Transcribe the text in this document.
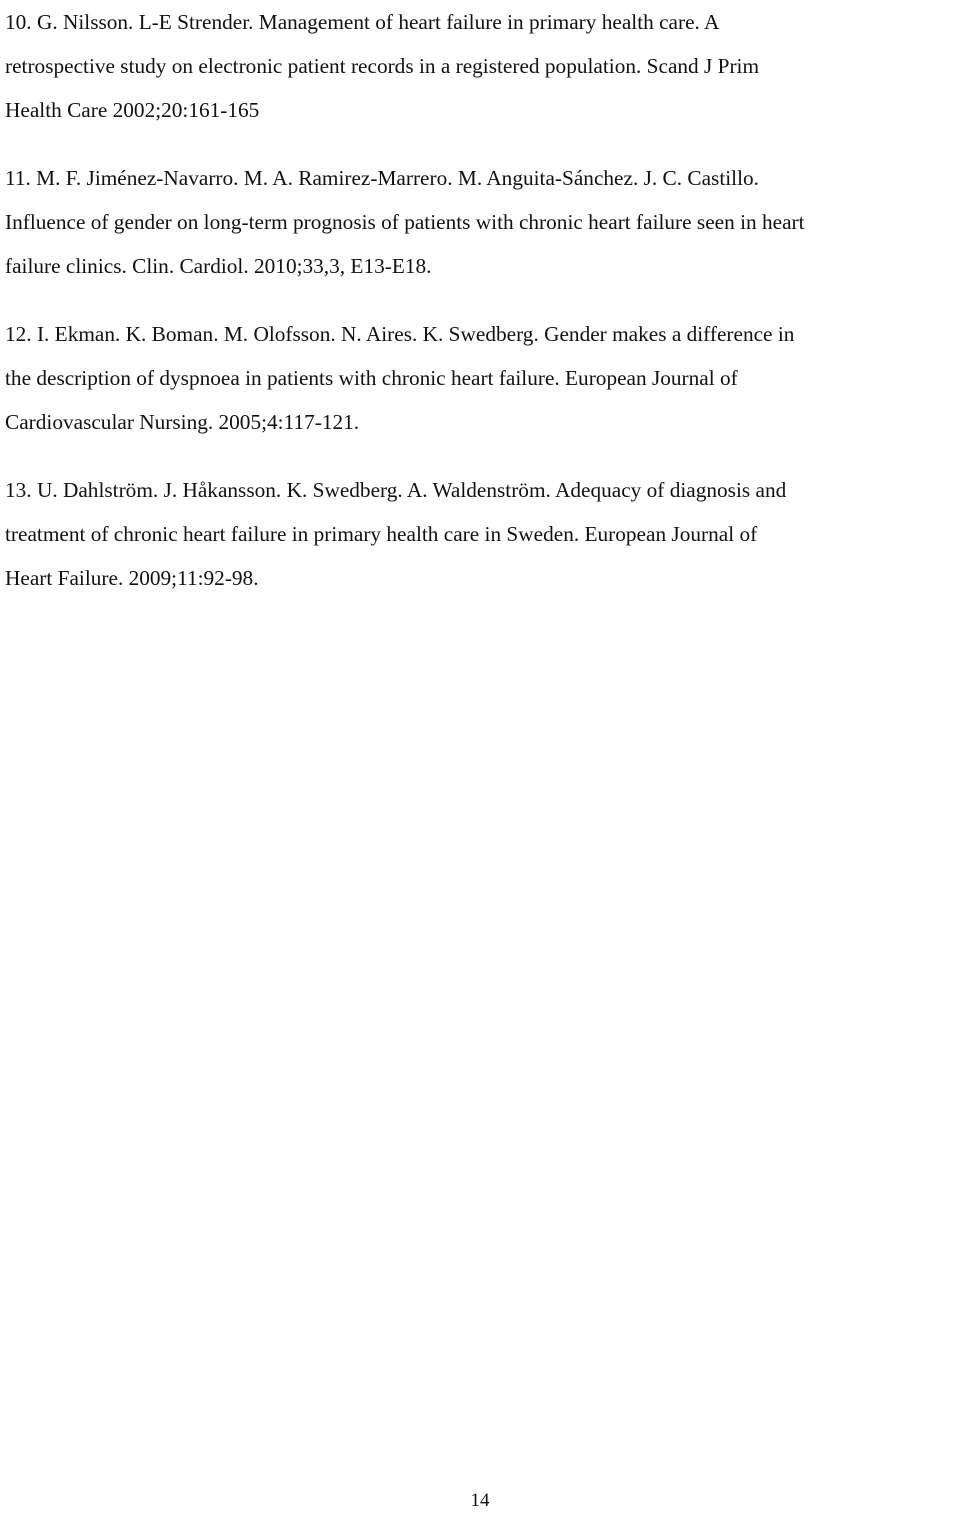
10. G. Nilsson. L-E Strender. Management of heart failure in primary health care. A
retrospective study on electronic patient records in a registered population. Scand J Prim
Health Care 2002;20:161-165

11. M. F. Jiménez-Navarro. M. A. Ramirez-Marrero. M. Anguita-Sánchez. J. C. Castillo.
Influence of gender on long-term prognosis of patients with chronic heart failure seen in heart
failure clinics. Clin. Cardiol. 2010;33,3, E13-E18.

12. I. Ekman. K. Boman. M. Olofsson. N. Aires. K. Swedberg. Gender makes a difference in
the description of dyspnoea in patients with chronic heart failure. European Journal of
Cardiovascular Nursing. 2005;4:117-121.

13. U. Dahlström. J. Håkansson. K. Swedberg. A. Waldenström. Adequacy of diagnosis and
treatment of chronic heart failure in primary health care in Sweden. European Journal of
Heart Failure. 2009;11:92-98.

14
